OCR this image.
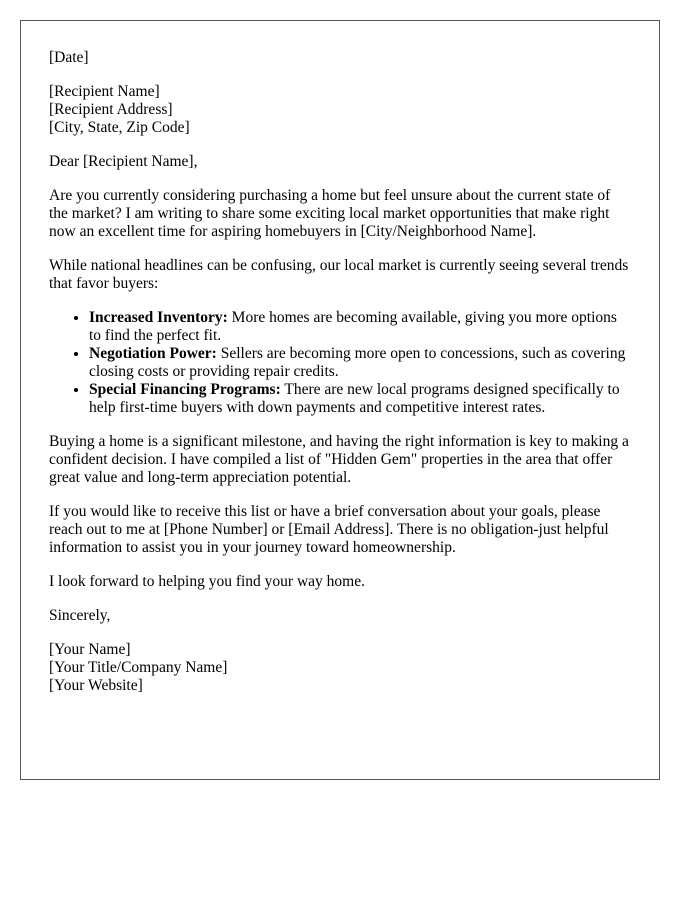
[Date]
[Recipient Name]
[Recipient Address]
[City, State, Zip Code]

Dear [Recipient Name],

Are you currently considering purchasing a home but feel unsure about the current state of the market? I am writing to share some exciting local market opportunities that make right now an excellent time for aspiring homebuyers in [City/Neighborhood Name].

While national headlines can be confusing, our local market is currently seeing several trends that favor buyers:

• Increased Inventory: More homes are becoming available, giving you more options to find the perfect fit.
• Negotiation Power: Sellers are becoming more open to concessions, such as covering closing costs or providing repair credits.
• Special Financing Programs: There are new local programs designed specifically to help first-time buyers with down payments and competitive interest rates.

Buying a home is a significant milestone, and having the right information is key to making a confident decision. I have compiled a list of "Hidden Gem" properties in the area that offer great value and long-term appreciation potential.

If you would like to receive this list or have a brief conversation about your goals, please reach out to me at [Phone Number] or [Email Address]. There is no obligation-just helpful information to assist you in your journey toward homeownership.

I look forward to helping you find your way home.

Sincerely,

[Your Name]
[Your Title/Company Name]
[Your Website]
